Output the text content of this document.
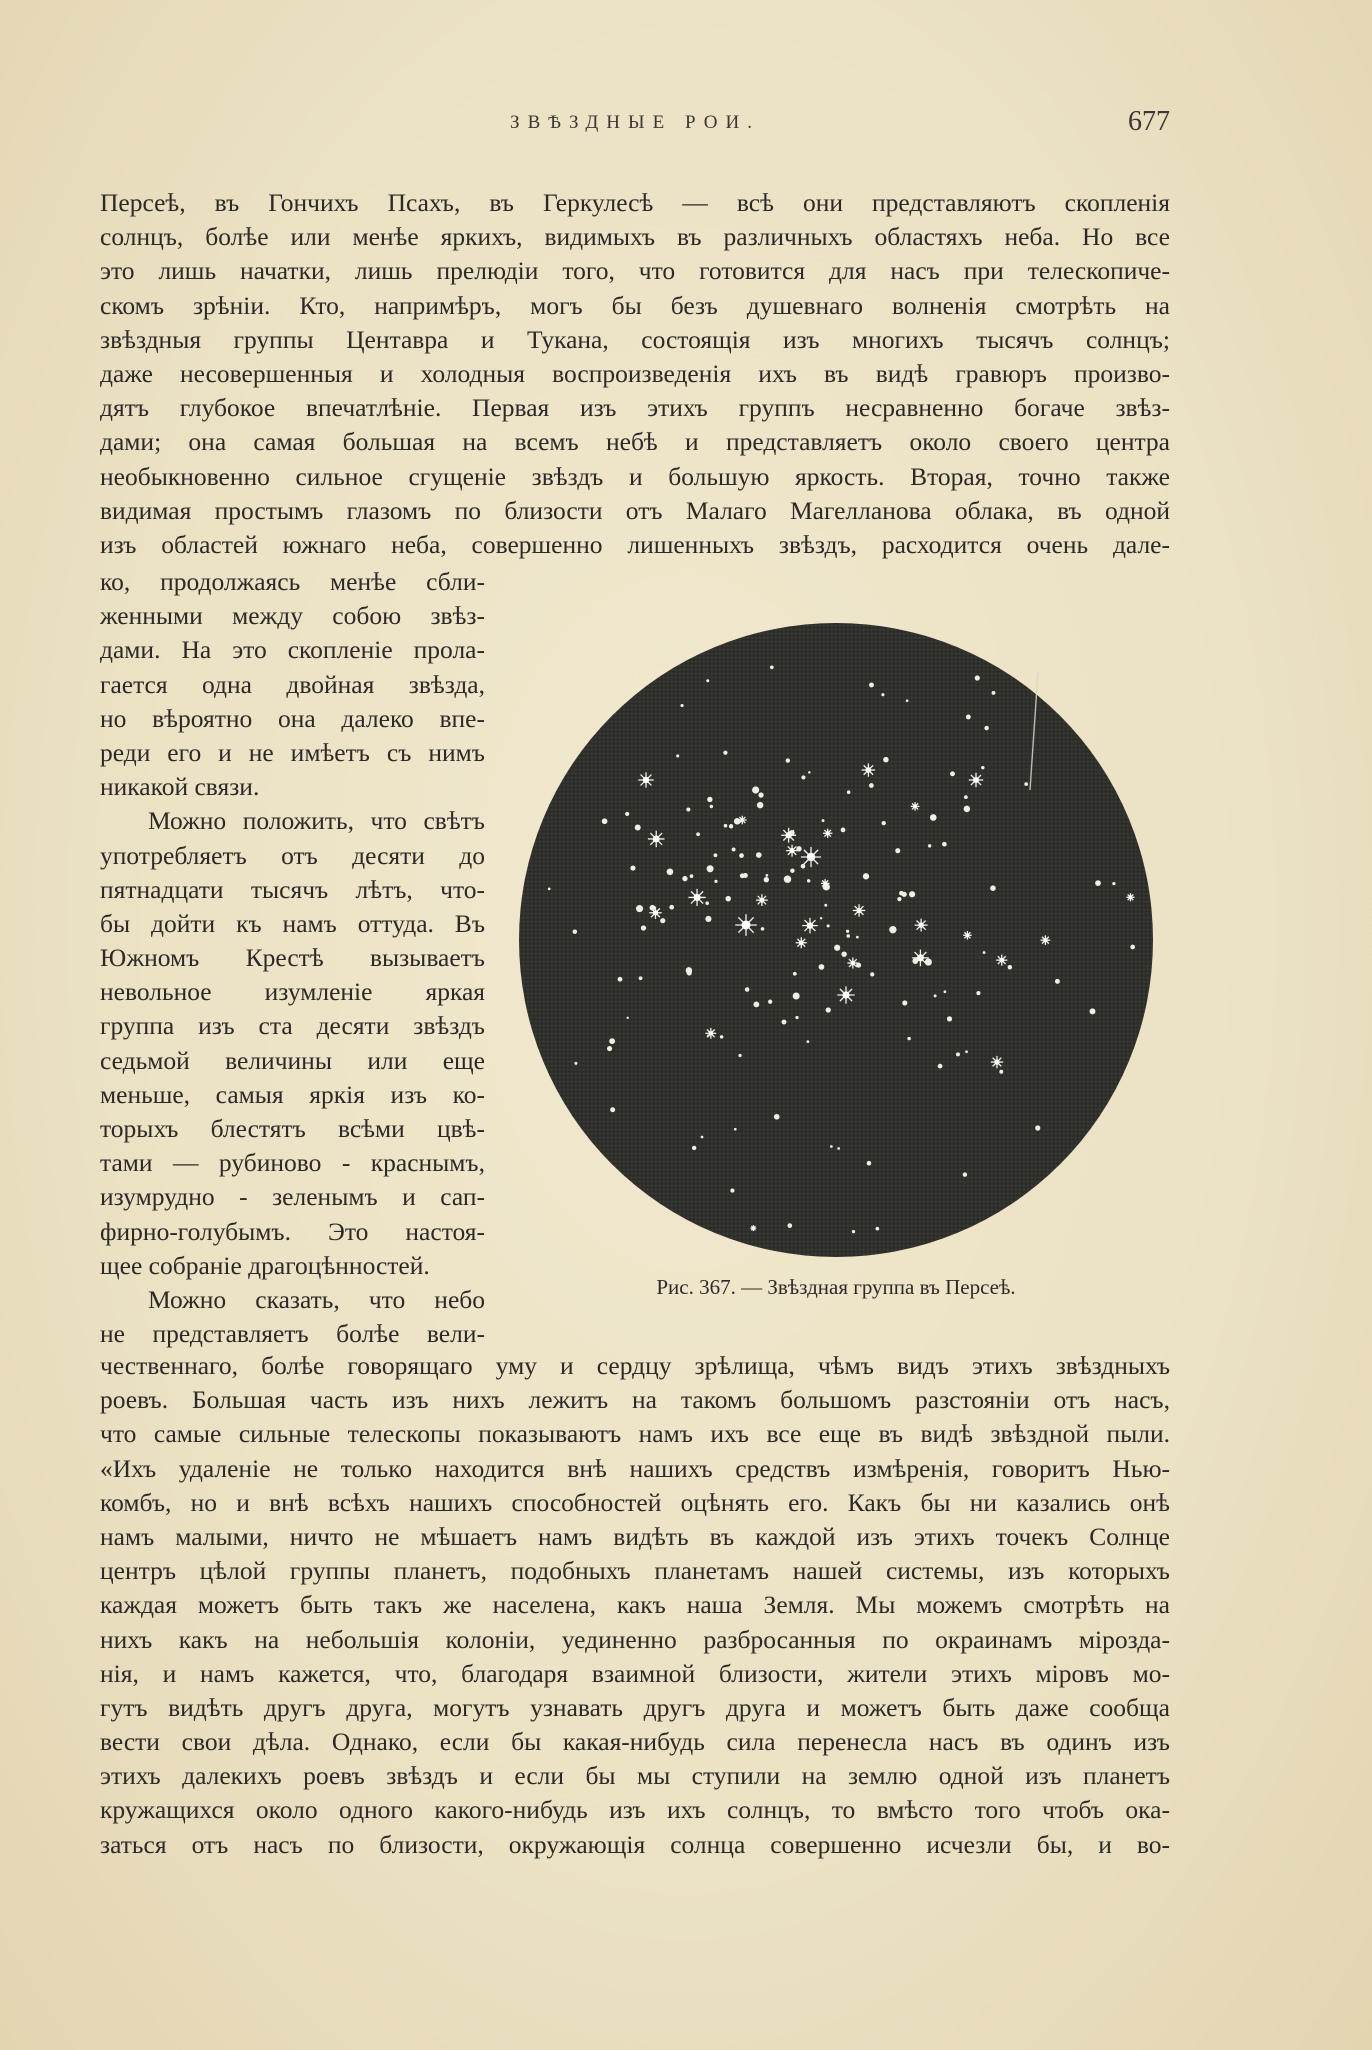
ЗВѢЗДНЫЕ РОИ.	677
Персеѣ, въ Гончихъ Псахъ, въ Геркулесѣ — всѣ они представляютъ скопленія
солнцъ, болѣе или менѣе яркихъ, видимыхъ въ различныхъ областяхъ неба. Но все
это лишь начатки, лишь прелюдіи того, что готовится для насъ при телескопиче-
скомъ зрѣніи. Кто, напримѣръ, могъ бы безъ душевнаго волненія смотрѣть на
звѣздныя группы Центавра и Тукана, состоящія изъ многихъ тысячъ солнцъ;
даже несовершенныя и холодныя воспроизведенія ихъ въ видѣ гравюръ произво-
дятъ глубокое впечатлѣніе. Первая изъ этихъ группъ несравненно богаче звѣз-
дами; она самая большая на всемъ небѣ и представляетъ около своего центра
необыкновенно сильное сгущеніе звѣздъ и большую яркость. Вторая, точно также
видимая простымъ глазомъ по близости отъ Малаго Магелланова облака, въ одной
изъ областей южнаго неба, совершенно лишенныхъ звѣздъ, расходится очень дале-
ко, продолжаясь менѣе сбли-
женными между собою звѣз-
дами. На это скопленіе прола-
гается одна двойная звѣзда,
но вѣроятно она далеко впе-
реди его и не имѣетъ съ нимъ
никакой связи.
Можно положить, что свѣтъ
употребляетъ отъ десяти до
пятнадцати тысячъ лѣтъ, что-
бы дойти къ намъ оттуда. Въ
Южномъ Крестѣ вызываетъ
невольное изумленіе яркая
группа изъ ста десяти звѣздъ
седьмой величины или еще
меньше, самыя яркія изъ ко-
торыхъ блестятъ всѣми цвѣ-
тами — рубиново - краснымъ,
изумрудно - зеленымъ и сап-
фирно-голубымъ. Это настоя-
щее собраніе драгоцѣнностей.
Можно сказать, что небо
не представляетъ болѣе вели-
Рис. 367. — Звѣздная группа въ Персеѣ.
чественнаго, болѣе говорящаго уму и сердцу зрѣлища, чѣмъ видъ этихъ звѣздныхъ
роевъ. Большая часть изъ нихъ лежитъ на такомъ большомъ разстояніи отъ насъ,
что самые сильные телескопы показываютъ намъ ихъ все еще въ видѣ звѣздной пыли.
«Ихъ удаленіе не только находится внѣ нашихъ средствъ измѣренія, говоритъ Нью-
комбъ, но и внѣ всѣхъ нашихъ способностей оцѣнять его. Какъ бы ни казались онѣ
намъ малыми, ничто не мѣшаетъ намъ видѣть въ каждой изъ этихъ точекъ Солнце
центръ цѣлой группы планетъ, подобныхъ планетамъ нашей системы, изъ которыхъ
каждая можетъ быть такъ же населена, какъ наша Земля. Мы можемъ смотрѣть на
нихъ какъ на небольшія колоніи, уединенно разбросанныя по окраинамъ мірозда-
нія, и намъ кажется, что, благодаря взаимной близости, жители этихъ міровъ мо-
гутъ видѣть другъ друга, могутъ узнавать другъ друга и можетъ быть даже сообща
вести свои дѣла. Однако, если бы какая-нибудь сила перенесла насъ въ одинъ изъ
этихъ далекихъ роевъ звѣздъ и если бы мы ступили на землю одной изъ планетъ
кружащихся около одного какого-нибудь изъ ихъ солнцъ, то вмѣсто того чтобъ ока-
заться отъ насъ по близости, окружающія солнца совершенно исчезли бы, и во-
